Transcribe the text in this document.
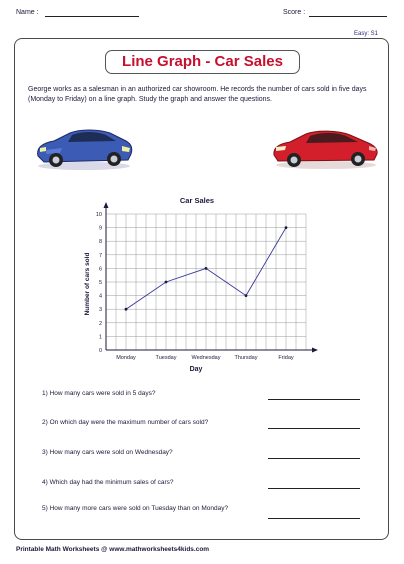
Name :	Score :
Easy: S1
Line Graph - Car Sales
George works as a salesman in an authorized car showroom. He records the number of cars sold in five days (Monday to Friday) on a line graph. Study the graph and answer the questions.
Car Sales
0
1
2
3
4
5
6
7
8
9
10
Monday	Tuesday	Wednesday	Thursday	Friday
Day
Number of cars sold
1) How many cars were sold in 5 days?
2) On which day were the maximum number of cars sold?
3) How many cars were sold on Wednesday?
4) Which day had the minimum sales of cars?
5) How many more cars were sold on Tuesday than on Monday?
Printable Math Worksheets @ www.mathworksheets4kids.com
